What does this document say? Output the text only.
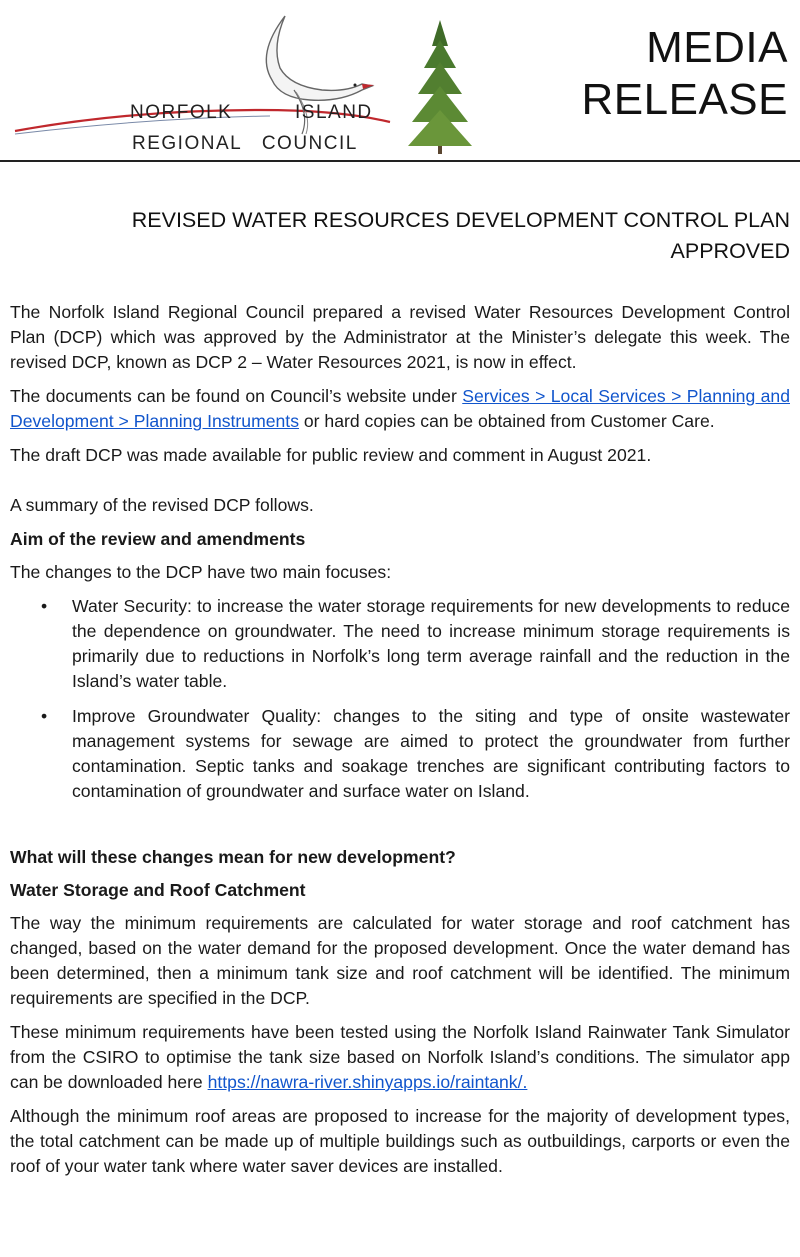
NORFOLK	ISLAND
REGIONAL   COUNCIL
MEDIA
RELEASE
REVISED WATER RESOURCES DEVELOPMENT CONTROL PLAN
APPROVED

The Norfolk Island Regional Council prepared a revised Water Resources Development Control Plan (DCP) which was approved by the Administrator at the Minister’s delegate this week. The revised DCP, known as DCP 2 – Water Resources 2021, is now in effect.

The documents can be found on Council’s website under Services > Local Services > Planning and Development > Planning Instruments or hard copies can be obtained from Customer Care.

The draft DCP was made available for public review and comment in August 2021.

A summary of the revised DCP follows.

Aim of the review and amendments

The changes to the DCP have two main focuses:

• Water Security: to increase the water storage requirements for new developments to reduce the dependence on groundwater. The need to increase minimum storage requirements is primarily due to reductions in Norfolk’s long term average rainfall and the reduction in the Island’s water table.
• Improve Groundwater Quality: changes to the siting and type of onsite wastewater management systems for sewage are aimed to protect the groundwater from further contamination. Septic tanks and soakage trenches are significant contributing factors to contamination of groundwater and surface water on Island.

What will these changes mean for new development?

Water Storage and Roof Catchment

The way the minimum requirements are calculated for water storage and roof catchment has changed, based on the water demand for the proposed development. Once the water demand has been determined, then a minimum tank size and roof catchment will be identified. The minimum requirements are specified in the DCP.

These minimum requirements have been tested using the Norfolk Island Rainwater Tank Simulator from the CSIRO to optimise the tank size based on Norfolk Island’s conditions. The simulator app can be downloaded here https://nawra-river.shinyapps.io/raintank/.

Although the minimum roof areas are proposed to increase for the majority of development types, the total catchment can be made up of multiple buildings such as outbuildings, carports or even the roof of your water tank where water saver devices are installed.
